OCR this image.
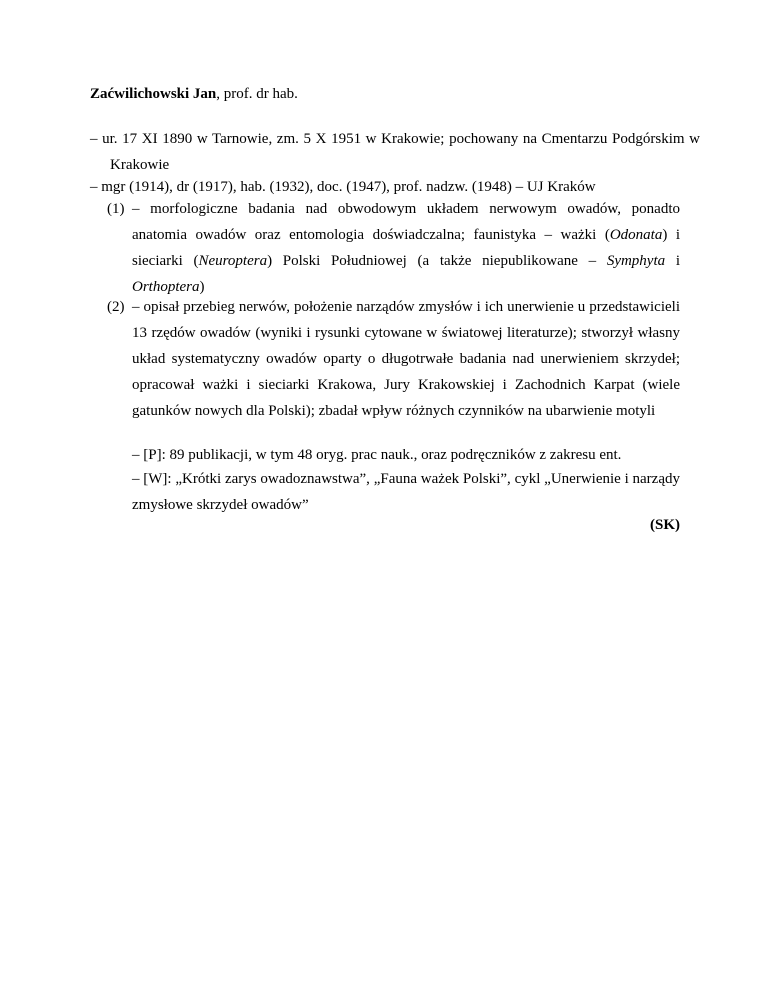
Zaćwilichowski Jan, prof. dr hab.
– ur. 17 XI 1890 w Tarnowie, zm. 5 X 1951 w Krakowie; pochowany na Cmentarzu Podgórskim w Krakowie
– mgr (1914), dr (1917), hab. (1932), doc. (1947), prof. nadzw. (1948) – UJ Kraków
(1) – morfologiczne badania nad obwodowym układem nerwowym owadów, ponadto anatomia owadów oraz entomologia doświadczalna; faunistyka – ważki (Odonata) i sieciarki (Neuroptera) Polski Południowej (a także niepublikowane – Symphyta i Orthoptera)
(2) – opisał przebieg nerwów, położenie narządów zmysłów i ich unerwienie u przedstawicieli 13 rzędów owadów (wyniki i rysunki cytowane w światowej literaturze); stworzył własny układ systematyczny owadów oparty o długotrwałe badania nad unerwieniem skrzydeł; opracował ważki i sieciarki Krakowa, Jury Krakowskiej i Zachodnich Karpat (wiele gatunków nowych dla Polski); zbadał wpływ różnych czynników na ubarwienie motyli
– [P]: 89 publikacji, w tym 48 oryg. prac nauk., oraz podręczników z zakresu ent.
– [W]: „Krótki zarys owadoznawstwa”, „Fauna ważek Polski”, cykl „Unerwienie i narządy zmysłowe skrzydeł owadów”
(SK)
